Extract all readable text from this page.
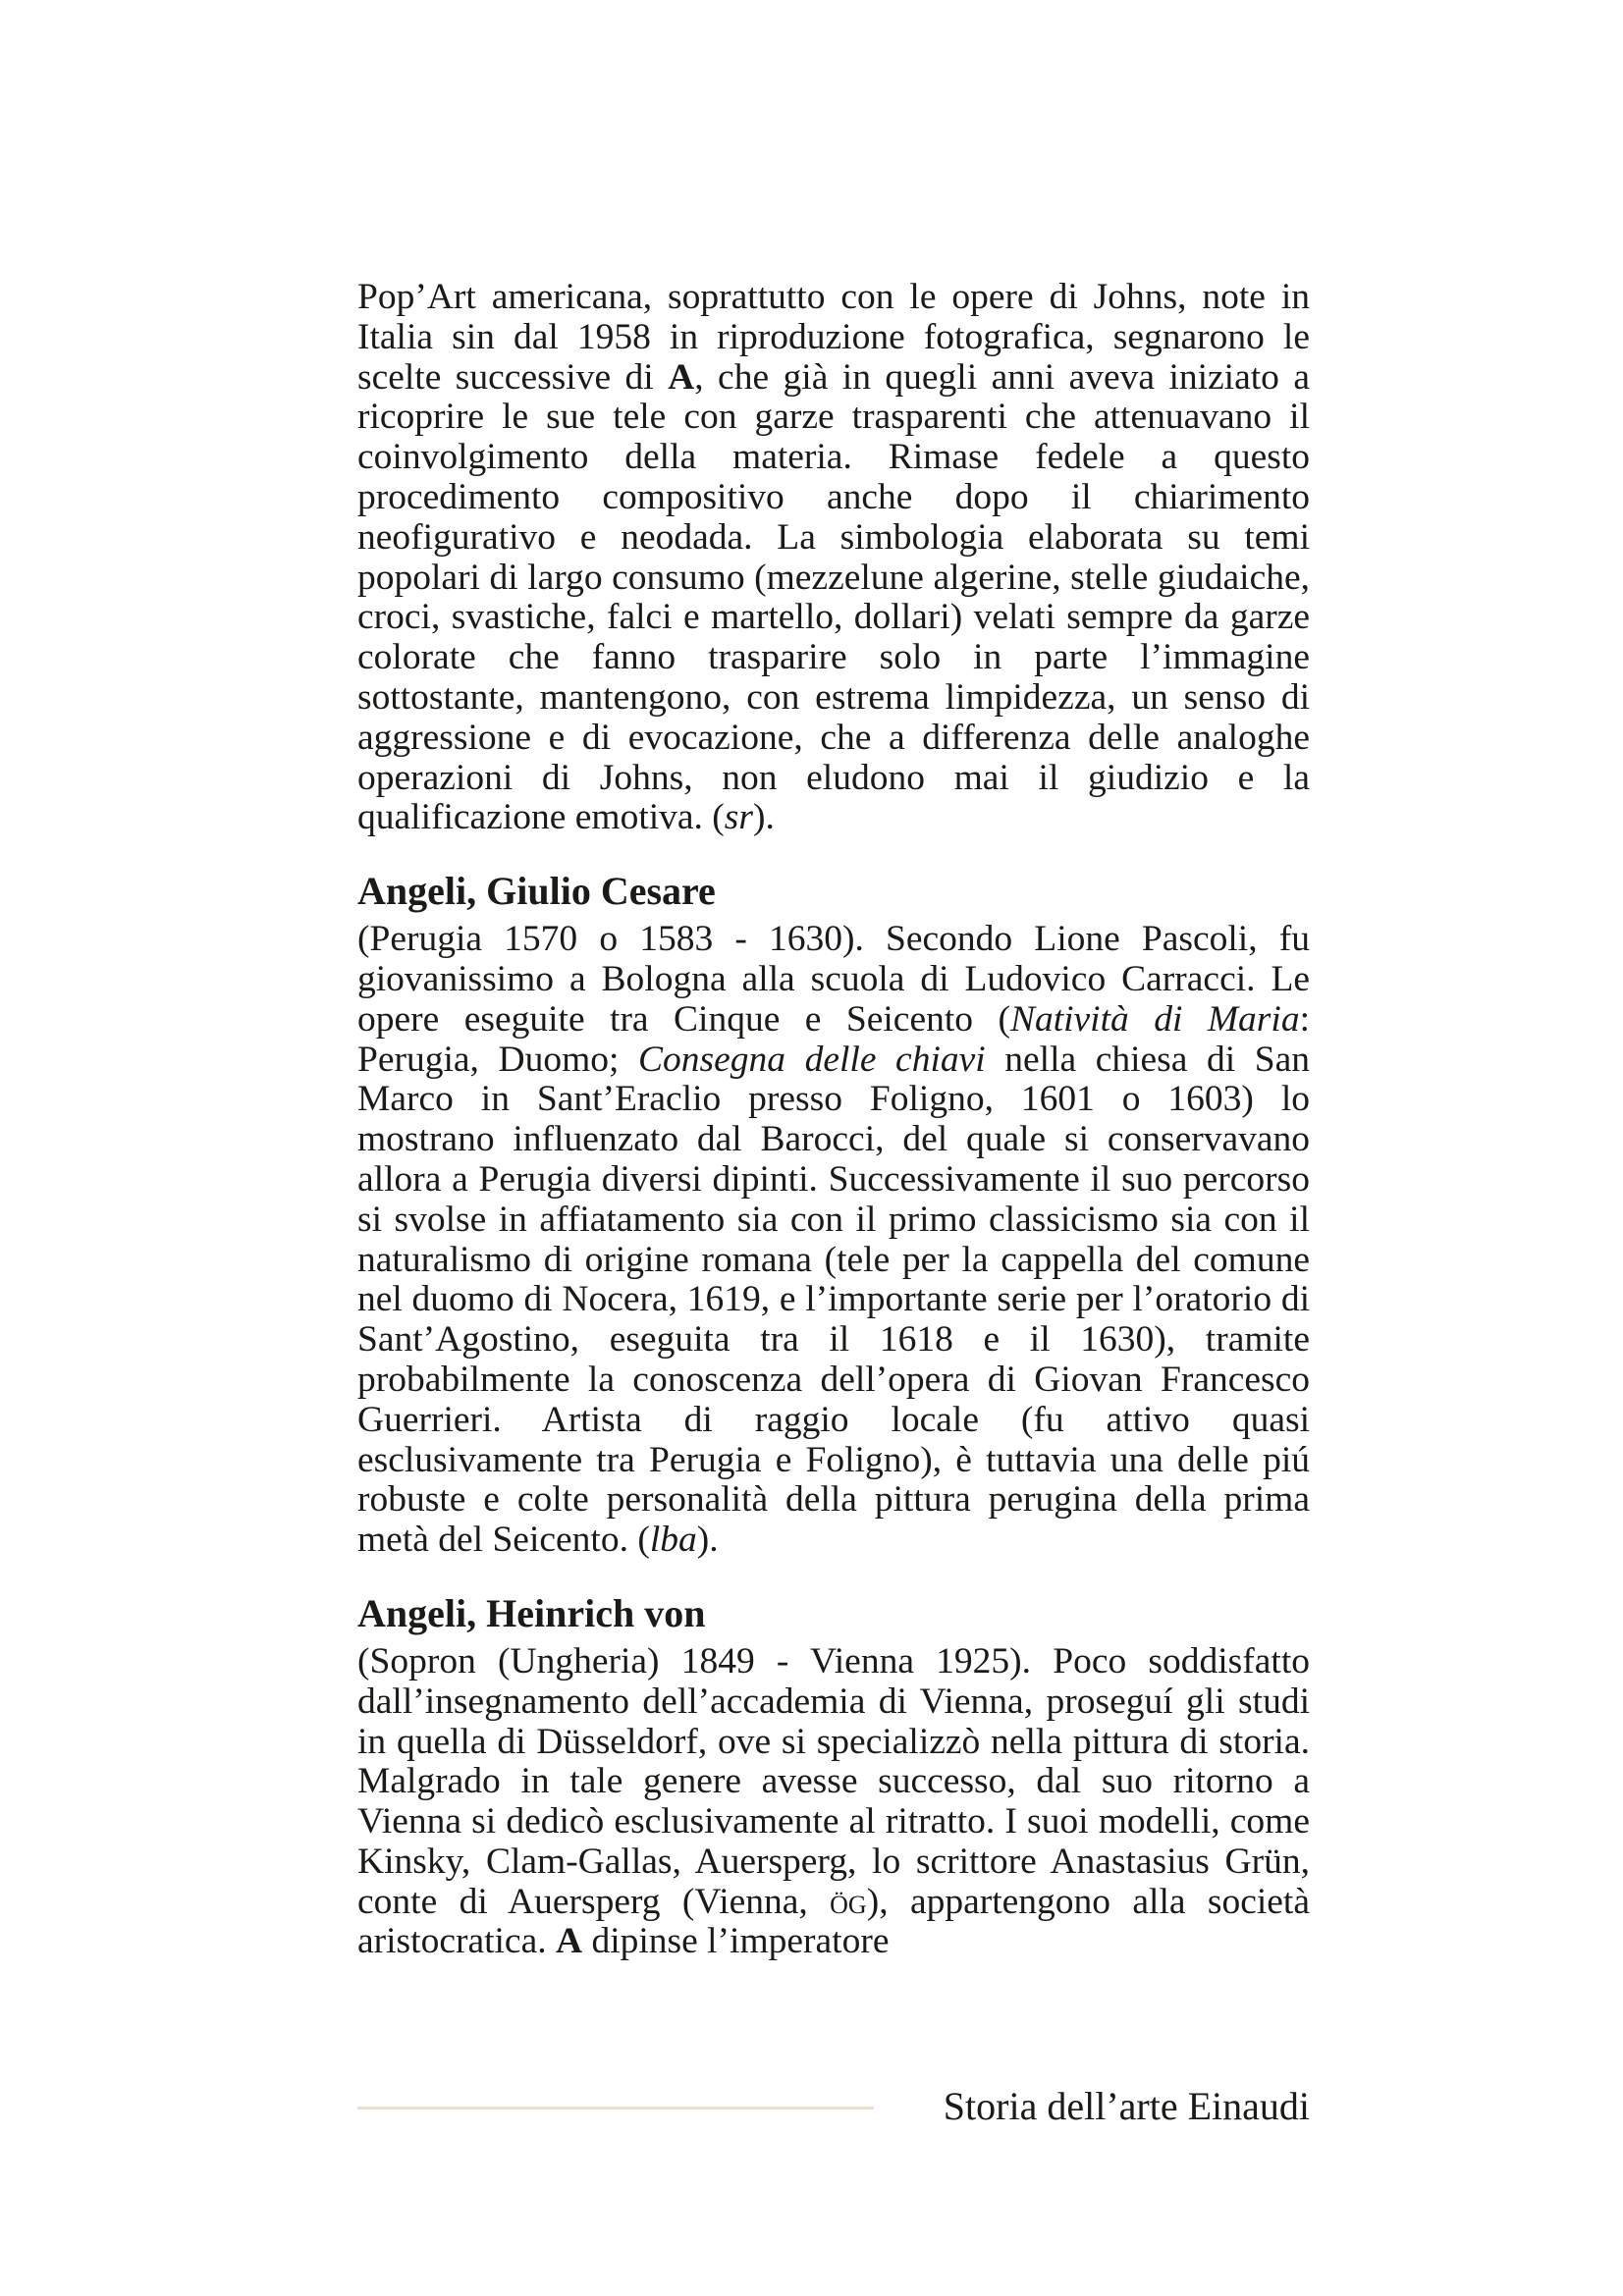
Pop’Art americana, soprattutto con le opere di Johns, note in Italia sin dal 1958 in riproduzione fotografica, segnarono le scelte successive di A, che già in quegli anni aveva iniziato a ricoprire le sue tele con garze trasparenti che attenuavano il coinvolgimento della materia. Rimase fedele a questo procedimento compositivo anche dopo il chiarimento neofigurativo e neodada. La simbologia elaborata su temi popolari di largo consumo (mezzelune algerine, stelle giudaiche, croci, svastiche, falci e martello, dollari) velati sempre da garze colorate che fanno trasparire solo in parte l’immagine sottostante, mantengono, con estrema limpidezza, un senso di aggressione e di evocazione, che a differenza delle analoghe operazioni di Johns, non eludono mai il giudizio e la qualificazione emotiva. (sr).

Angeli, Giulio Cesare

(Perugia 1570 o 1583 - 1630). Secondo Lione Pascoli, fu giovanissimo a Bologna alla scuola di Ludovico Carracci. Le opere eseguite tra Cinque e Seicento (Natività di Maria: Perugia, Duomo; Consegna delle chiavi nella chiesa di San Marco in Sant’Eraclio presso Foligno, 1601 o 1603) lo mostrano influenzato dal Barocci, del quale si conservavano allora a Perugia diversi dipinti. Successivamente il suo percorso si svolse in affiatamento sia con il primo classicismo sia con il naturalismo di origine romana (tele per la cappella del comune nel duomo di Nocera, 1619, e l’importante serie per l’oratorio di Sant’Agostino, eseguita tra il 1618 e il 1630), tramite probabilmente la conoscenza dell’opera di Giovan Francesco Guerrieri. Artista di raggio locale (fu attivo quasi esclusivamente tra Perugia e Foligno), è tuttavia una delle piú robuste e colte personalità della pittura perugina della prima metà del Seicento. (lba).

Angeli, Heinrich von

(Sopron (Ungheria) 1849 - Vienna 1925). Poco soddisfatto dall’insegnamento dell’accademia di Vienna, proseguí gli studi in quella di Düsseldorf, ove si specializzò nella pittura di storia. Malgrado in tale genere avesse successo, dal suo ritorno a Vienna si dedicò esclusivamente al ritratto. I suoi modelli, come Kinsky, Clam-Gallas, Auersperg, lo scrittore Anastasius Grün, conte di Auersperg (Vienna, ög), appartengono alla società aristocratica. A dipinse l’imperatore

Storia dell’arte Einaudi
